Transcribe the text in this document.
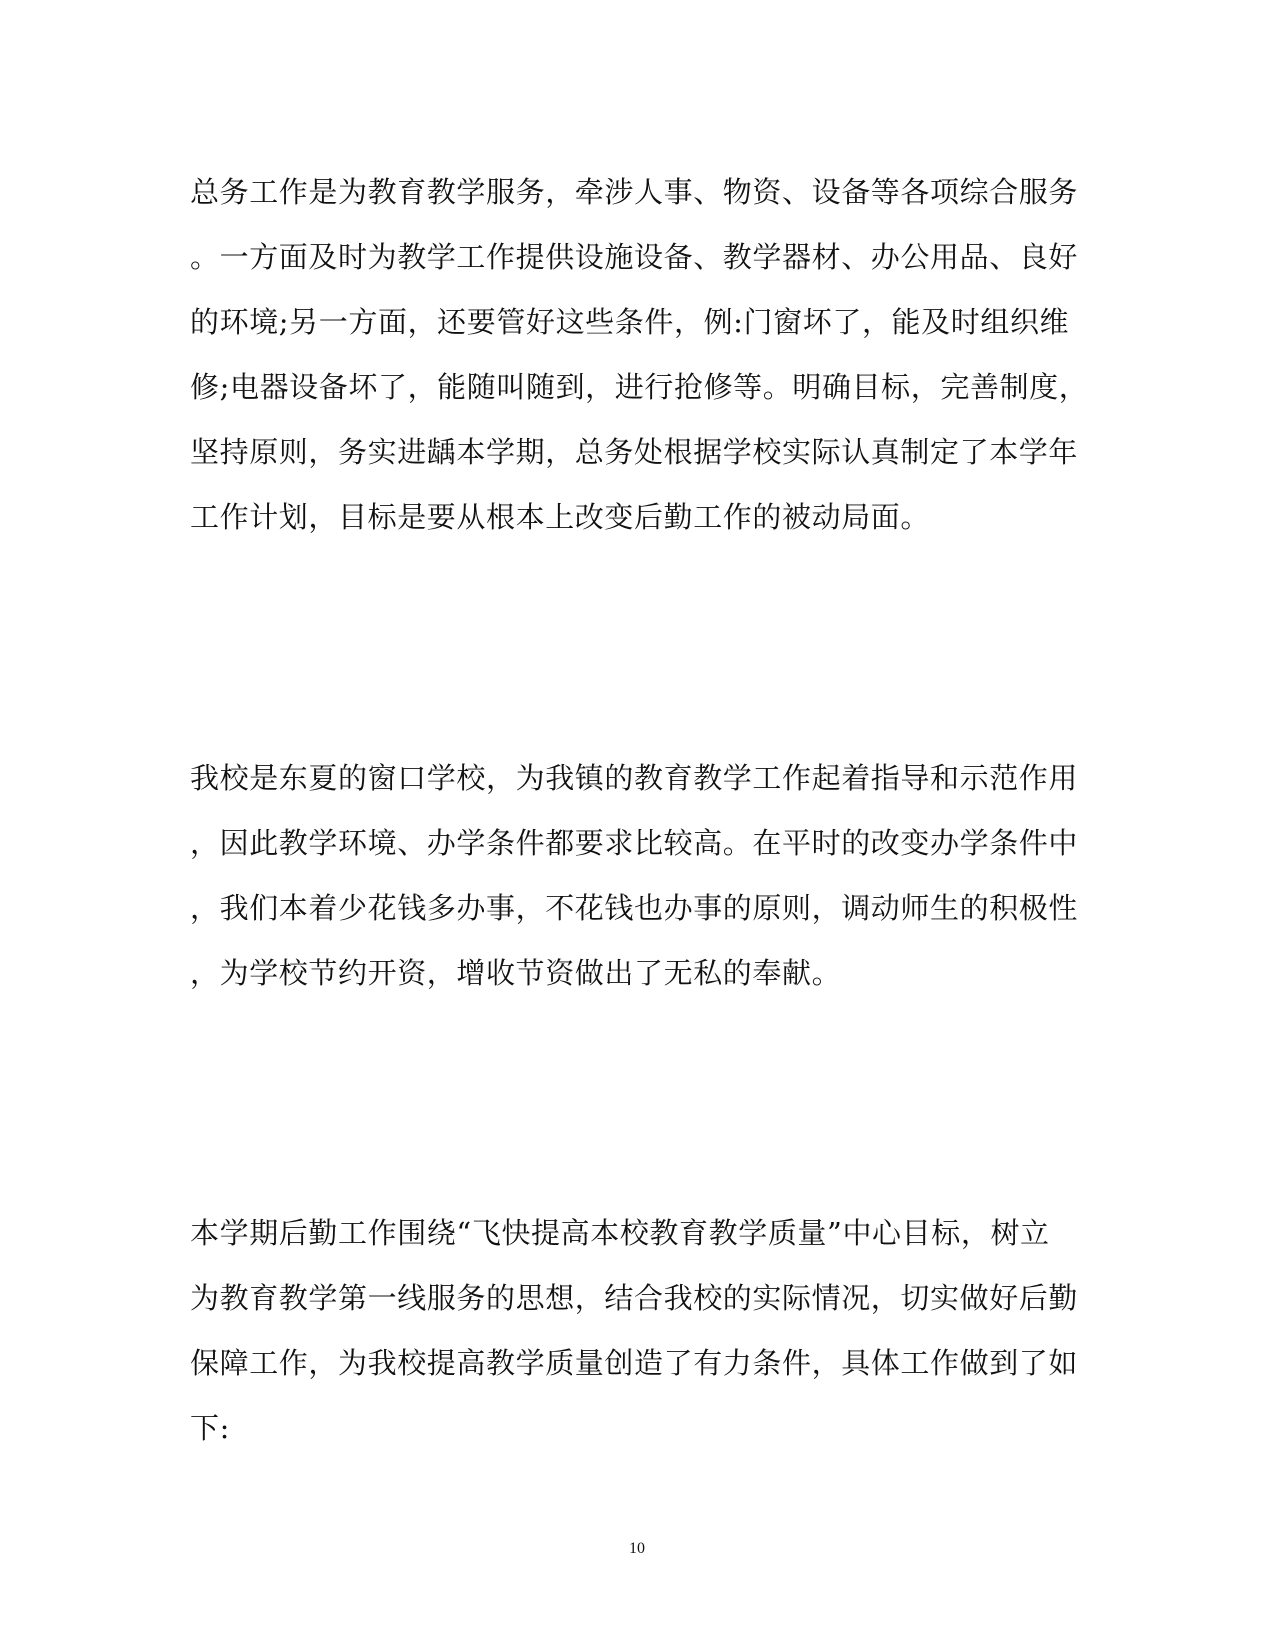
总务工作是为教育教学服务，牵涉人事、物资、设备等各项综合服务
。一方面及时为教学工作提供设施设备、教学器材、办公用品、良好
的环境;另一方面，还要管好这些条件，例:门窗坏了，能及时组织维
修;电器设备坏了，能随叫随到，进行抢修等。明确目标，完善制度，
坚持原则，务实进龋本学期，总务处根据学校实际认真制定了本学年
工作计划，目标是要从根本上改变后勤工作的被动局面。
我校是东夏的窗口学校，为我镇的教育教学工作起着指导和示范作用
，因此教学环境、办学条件都要求比较高。在平时的改变办学条件中
，我们本着少花钱多办事，不花钱也办事的原则，调动师生的积极性
，为学校节约开资，增收节资做出了无私的奉献。
本学期后勤工作围绕“飞快提高本校教育教学质量”中心目标，树立
为教育教学第一线服务的思想，结合我校的实际情况，切实做好后勤
保障工作，为我校提高教学质量创造了有力条件，具体工作做到了如
下:
10
